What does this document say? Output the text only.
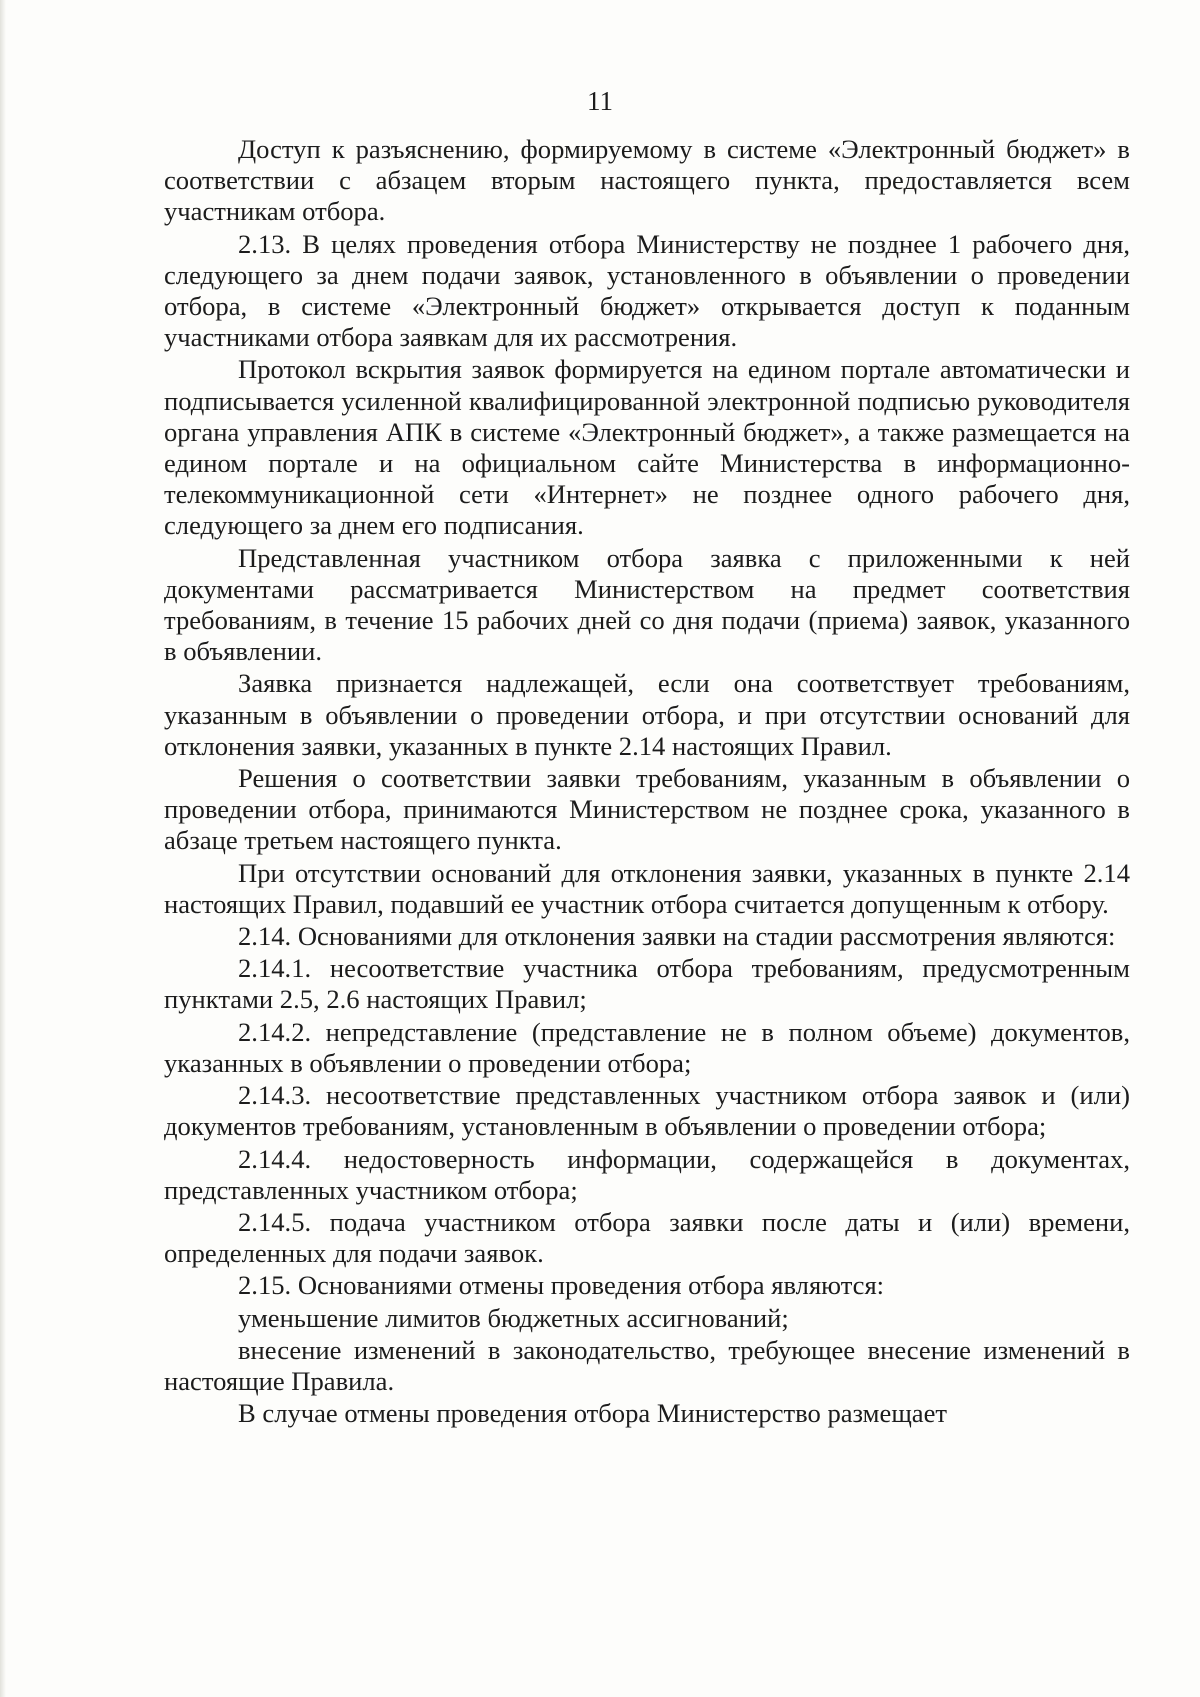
11

Доступ к разъяснению, формируемому в системе «Электронный бюджет» в соответствии с абзацем вторым настоящего пункта, предоставляется всем участникам отбора.

2.13. В целях проведения отбора Министерству не позднее 1 рабочего дня, следующего за днем подачи заявок, установленного в объявлении о проведении отбора, в системе «Электронный бюджет» открывается доступ к поданным участниками отбора заявкам для их рассмотрения.

Протокол вскрытия заявок формируется на едином портале автоматически и подписывается усиленной квалифицированной электронной подписью руководителя органа управления АПК в системе «Электронный бюджет», а также размещается на едином портале и на официальном сайте Министерства в информационно-телекоммуникационной сети «Интернет» не позднее одного рабочего дня, следующего за днем его подписания.

Представленная участником отбора заявка с приложенными к ней документами рассматривается Министерством на предмет соответствия требованиям, в течение 15 рабочих дней со дня подачи (приема) заявок, указанного в объявлении.

Заявка признается надлежащей, если она соответствует требованиям, указанным в объявлении о проведении отбора, и при отсутствии оснований для отклонения заявки, указанных в пункте 2.14 настоящих Правил.

Решения о соответствии заявки требованиям, указанным в объявлении о проведении отбора, принимаются Министерством не позднее срока, указанного в абзаце третьем настоящего пункта.

При отсутствии оснований для отклонения заявки, указанных в пункте 2.14 настоящих Правил, подавший ее участник отбора считается допущенным к отбору.

2.14. Основаниями для отклонения заявки на стадии рассмотрения являются:

2.14.1. несоответствие участника отбора требованиям, предусмотренным пунктами 2.5, 2.6 настоящих Правил;

2.14.2. непредставление (представление не в полном объеме) документов, указанных в объявлении о проведении отбора;

2.14.3. несоответствие представленных участником отбора заявок и (или) документов требованиям, установленным в объявлении о проведении отбора;

2.14.4. недостоверность информации, содержащейся в документах, представленных участником отбора;

2.14.5. подача участником отбора заявки после даты и (или) времени, определенных для подачи заявок.

2.15. Основаниями отмены проведения отбора являются:

уменьшение лимитов бюджетных ассигнований;

внесение изменений в законодательство, требующее внесение изменений в настоящие Правила.

В случае отмены проведения отбора Министерство размещает
